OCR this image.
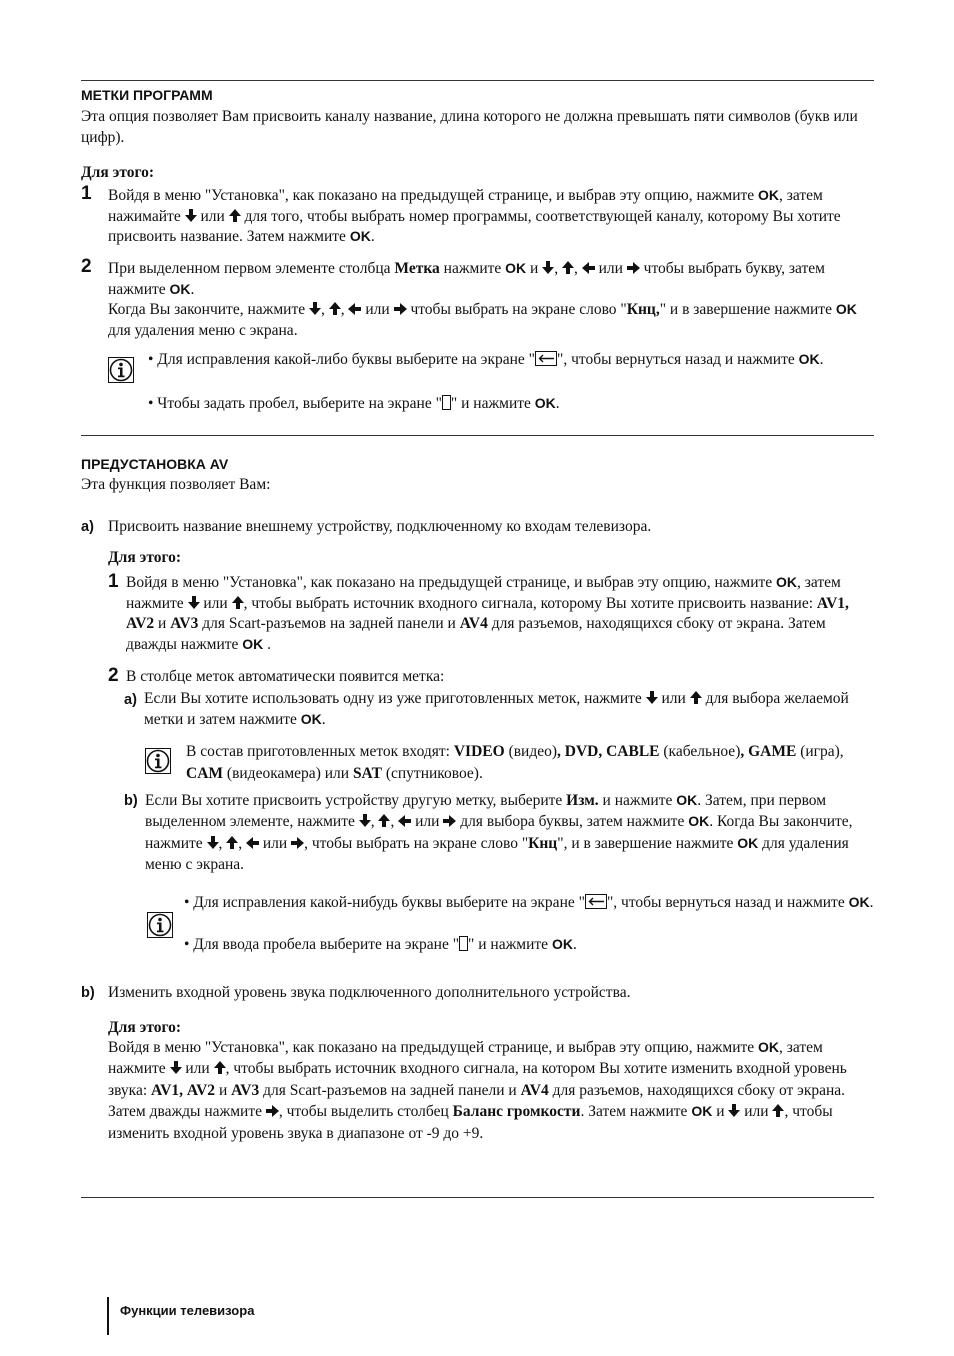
МЕТКИ ПРОГРАММ
Эта опция позволяет Вам присвоить каналу название, длина которого не должна превышать пяти символов (букв или цифр).
Для этого:
1 Войдя в меню "Установка", как показано на предыдущей странице, и выбрав эту опцию, нажмите OK, затем нажимайте или для того, чтобы выбрать номер программы, соответствующей каналу, которому Вы хотите присвоить название. Затем нажмите OK.
2 При выделенном первом элементе столбца Метка нажмите OK и , ,  или чтобы выбрать букву, затем нажмите OK.

Когда Вы закончите, нажмите , ,  или чтобы выбрать на экране слово "Кнц," и в завершение нажмите OK для удаления меню с экрана.

• Для исправления какой-либо буквы выберите на экране " ", чтобы вернуться назад и нажмите OK.
• Чтобы задать пробел, выберите на экране " " и нажмите OK.
ПРЕДУСТАНОВКА AV
Эта функция позволяет Вам:
a) Присвоить название внешнему устройству, подключенному ко входам телевизора.
Для этого:
1 Войдя в меню "Установка", как показано на предыдущей странице, и выбрав эту опцию, нажмите OK, затем нажмите или , чтобы выбрать источник входного сигнала, которому Вы хотите присвоить название: AV1, AV2 и AV3 для Scart-разъемов на задней панели и AV4 для разъемов, находящихся сбоку от экрана. Затем дважды нажмите OK .
2 В столбце меток автоматически появится метка:
a) Если Вы хотите использовать одну из уже приготовленных меток, нажмите или для выбора желаемой метки и затем нажмите OK.
В состав приготовленных меток входят: VIDEO (видео), DVD, CABLE (кабельное), GAME (игра), CAM (видеокамера) или SAT (спутниковое).
b) Если Вы хотите присвоить устройству другую метку, выберите Изм. и нажмите OK. Затем, при первом выделенном элементе, нажмите , ,  или для выбора буквы, затем нажмите OK. Когда Вы закончите, нажмите , ,  или , чтобы выбрать на экране слово "Кнц", и в завершение нажмите OK для удаления меню с экрана.
• Для исправления какой-нибудь буквы выберите на экране " ", чтобы вернуться назад и нажмите OK.
• Для ввода пробела выберите на экране " " и нажмите OK.
b) Изменить входной уровень звука подключенного дополнительного устройства.
Для этого:
Войдя в меню "Установка", как показано на предыдущей странице, и выбрав эту опцию, нажмите OK, затем нажмите или , чтобы выбрать источник входного сигнала, на котором Вы хотите изменить входной уровень звука: AV1, AV2 и AV3 для Scart-разъемов на задней панели и AV4 для разъемов, находящихся сбоку от экрана. Затем дважды нажмите , чтобы выделить столбец Баланс громкости. Затем нажмите OK и или , чтобы изменить входной уровень звука в диапазоне от -9 до +9.
Функции телевизора
